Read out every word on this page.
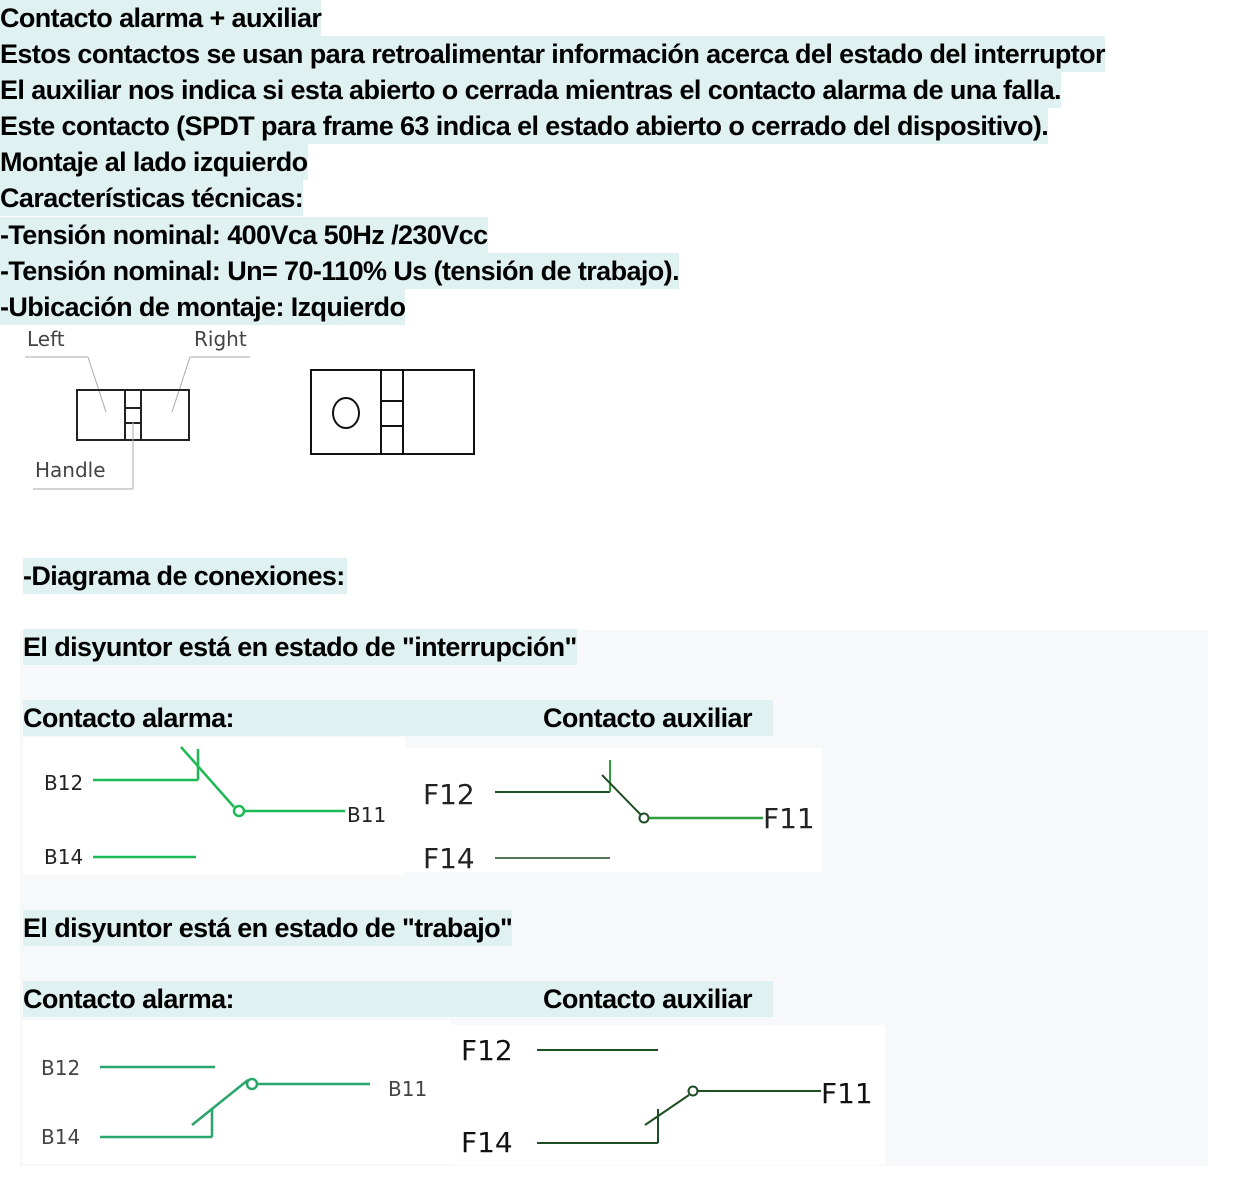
Contacto alarma + auxiliar
Estos contactos se usan para retroalimentar información acerca del estado del interruptor
El auxiliar nos indica si esta abierto o cerrada mientras el contacto alarma de una falla.
Este contacto (SPDT para frame 63 indica el estado abierto o cerrado del dispositivo).
Montaje al lado izquierdo
Características técnicas:
-Tensión nominal: 400Vca 50Hz /230Vcc
-Tensión nominal: Un= 70-110% Us (tensión de trabajo).
-Ubicación de montaje: Izquierdo
Left	Right
Handle
-Diagrama de conexiones:
El disyuntor está en estado de "interrupción"
Contacto alarma:	Contacto auxiliar
B12
B11
B14
F12
F11
F14
El disyuntor está en estado de "trabajo"
Contacto alarma:	Contacto auxiliar
B12
B11
B14
F12
F11
F14
